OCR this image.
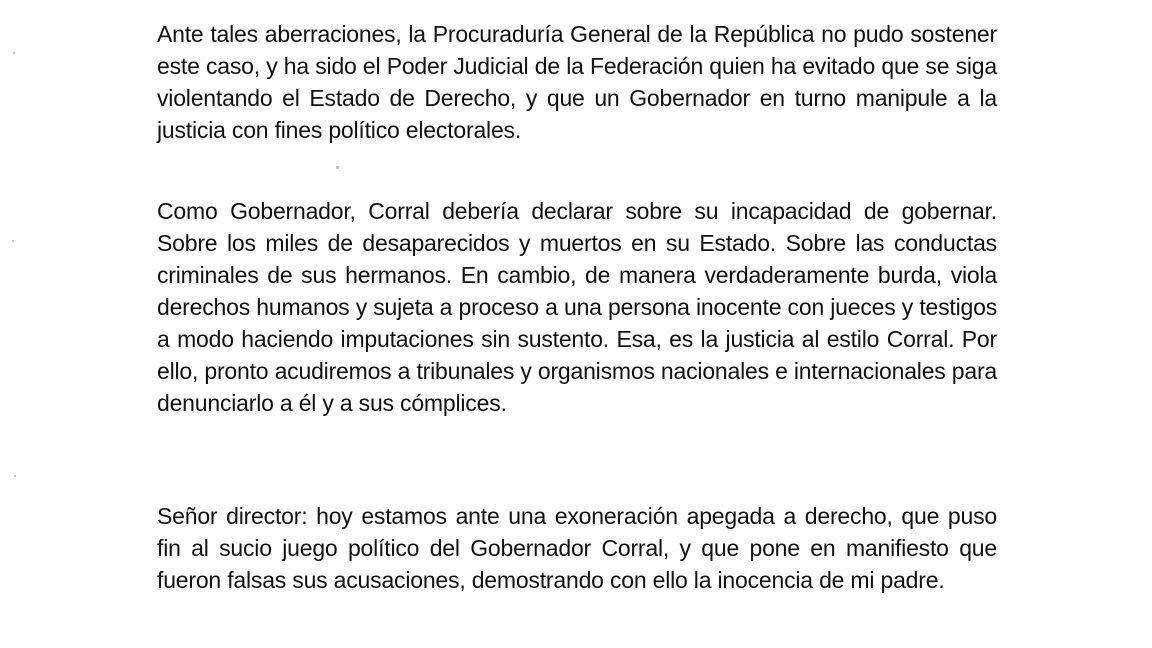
Ante tales aberraciones, la Procuraduría General de la República no pudo sostener este caso, y ha sido el Poder Judicial de la Federación quien ha evitado que se siga violentando el Estado de Derecho, y que un Gobernador en turno manipule a la justicia con fines político electorales.

Como Gobernador, Corral debería declarar sobre su incapacidad de gobernar. Sobre los miles de desaparecidos y muertos en su Estado. Sobre las conductas criminales de sus hermanos. En cambio, de manera verdaderamente burda, viola derechos humanos y sujeta a proceso a una persona inocente con jueces y testigos a modo haciendo imputaciones sin sustento. Esa, es la justicia al estilo Corral. Por ello, pronto acudiremos a tribunales y organismos nacionales e internacionales para denunciarlo a él y a sus cómplices.

Señor director: hoy estamos ante una exoneración apegada a derecho, que puso fin al sucio juego político del Gobernador Corral, y que pone en manifiesto que fueron falsas sus acusaciones, demostrando con ello la inocencia de mi padre.
